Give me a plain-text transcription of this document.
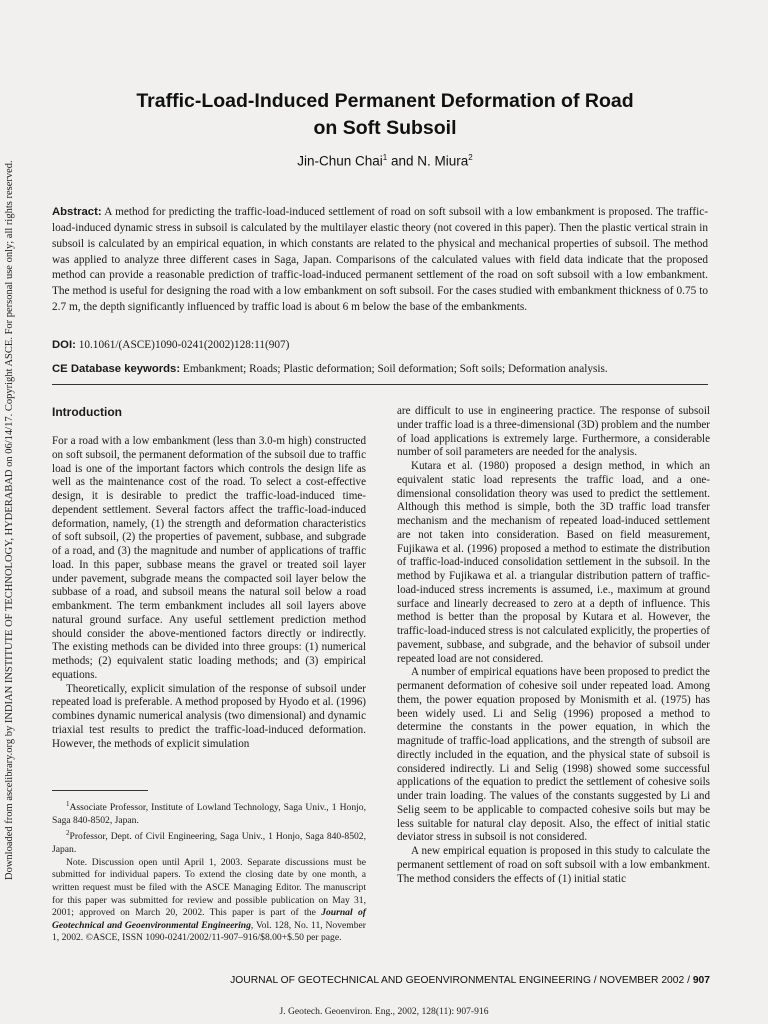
Downloaded from ascelibrary.org by INDIAN INSTITUTE OF TECHNOLOGY, HYDERABAD on 06/14/17. Copyright ASCE. For personal use only; all rights reserved.
Traffic-Load-Induced Permanent Deformation of Road
on Soft Subsoil
Jin-Chun Chai$^1$ and N. Miura$^2$

Abstract: A method for predicting the traffic-load-induced settlement of road on soft subsoil with a low embankment is proposed. The traffic-load-induced dynamic stress in subsoil is calculated by the multilayer elastic theory (not covered in this paper). Then the plastic vertical strain in subsoil is calculated by an empirical equation, in which constants are related to the physical and mechanical properties of subsoil. The method was applied to analyze three different cases in Saga, Japan. Comparisons of the calculated values with field data indicate that the proposed method can provide a reasonable prediction of traffic-load-induced permanent settlement of the road on soft subsoil with a low embankment. The method is useful for designing the road with a low embankment on soft subsoil. For the cases studied with embankment thickness of 0.75 to 2.7 m, the depth significantly influenced by traffic load is about 6 m below the base of the embankments.

DOI: 10.1061/(ASCE)1090-0241(2002)128:11(907)
CE Database keywords: Embankment; Roads; Plastic deformation; Soil deformation; Soft soils; Deformation analysis.
Introduction

For a road with a low embankment (less than 3.0-m high) constructed on soft subsoil, the permanent deformation of the subsoil due to traffic load is one of the important factors which controls the design life as well as the maintenance cost of the road. To select a cost-effective design, it is desirable to predict the traffic-load-induced time-dependent settlement. Several factors affect the traffic-load-induced deformation, namely, (1) the strength and deformation characteristics of soft subsoil, (2) the properties of pavement, subbase, and subgrade of a road, and (3) the magnitude and number of applications of traffic load. In this paper, subbase means the gravel or treated soil layer under pavement, subgrade means the compacted soil layer below the subbase of a road, and subsoil means the natural soil below a road embankment. The term embankment includes all soil layers above natural ground surface. Any useful settlement prediction method should consider the above-mentioned factors directly or indirectly. The existing methods can be divided into three groups: (1) numerical methods; (2) equivalent static loading methods; and (3) empirical equations.

Theoretically, explicit simulation of the response of subsoil under repeated load is preferable. A method proposed by Hyodo et al. (1996) combines dynamic numerical analysis (two dimensional) and dynamic triaxial test results to predict the traffic-load-induced deformation. However, the methods of explicit simulation

$^1$Associate Professor, Institute of Lowland Technology, Saga Univ., 1 Honjo, Saga 840-8502, Japan.

$^2$Professor, Dept. of Civil Engineering, Saga Univ., 1 Honjo, Saga 840-8502, Japan.

Note. Discussion open until April 1, 2003. Separate discussions must be submitted for individual papers. To extend the closing date by one month, a written request must be filed with the ASCE Managing Editor. The manuscript for this paper was submitted for review and possible publication on May 31, 2001; approved on March 20, 2002. This paper is part of the Journal of Geotechnical and Geoenvironmental Engineering, Vol. 128, No. 11, November 1, 2002. ©ASCE, ISSN 1090-0241/2002/11-907–916/$8.00+$.50 per page.

are difficult to use in engineering practice. The response of subsoil under traffic load is a three-dimensional (3D) problem and the number of load applications is extremely large. Furthermore, a considerable number of soil parameters are needed for the analysis.

Kutara et al. (1980) proposed a design method, in which an equivalent static load represents the traffic load, and a one-dimensional consolidation theory was used to predict the settlement. Although this method is simple, both the 3D traffic load transfer mechanism and the mechanism of repeated load-induced settlement are not taken into consideration. Based on field measurement, Fujikawa et al. (1996) proposed a method to estimate the distribution of traffic-load-induced consolidation settlement in the subsoil. In the method by Fujikawa et al. a triangular distribution pattern of traffic-load-induced stress increments is assumed, i.e., maximum at ground surface and linearly decreased to zero at a depth of influence. This method is better than the proposal by Kutara et al. However, the traffic-load-induced stress is not calculated explicitly, the properties of pavement, subbase, and subgrade, and the behavior of subsoil under repeated load are not considered.

A number of empirical equations have been proposed to predict the permanent deformation of cohesive soil under repeated load. Among them, the power equation proposed by Monismith et al. (1975) has been widely used. Li and Selig (1996) proposed a method to determine the constants in the power equation, in which the magnitude of traffic-load applications, and the strength of subsoil are directly included in the equation, and the physical state of subsoil is considered indirectly. Li and Selig (1998) showed some successful applications of the equation to predict the settlement of cohesive soils under train loading. The values of the constants suggested by Li and Selig seem to be applicable to compacted cohesive soils but may be less suitable for natural clay deposit. Also, the effect of initial static deviator stress in subsoil is not considered.

A new empirical equation is proposed in this study to calculate the permanent settlement of road on soft subsoil with a low embankment. The method considers the effects of (1) initial static

JOURNAL OF GEOTECHNICAL AND GEOENVIRONMENTAL ENGINEERING / NOVEMBER 2002 / 907
J. Geotech. Geoenviron. Eng., 2002, 128(11): 907-916
